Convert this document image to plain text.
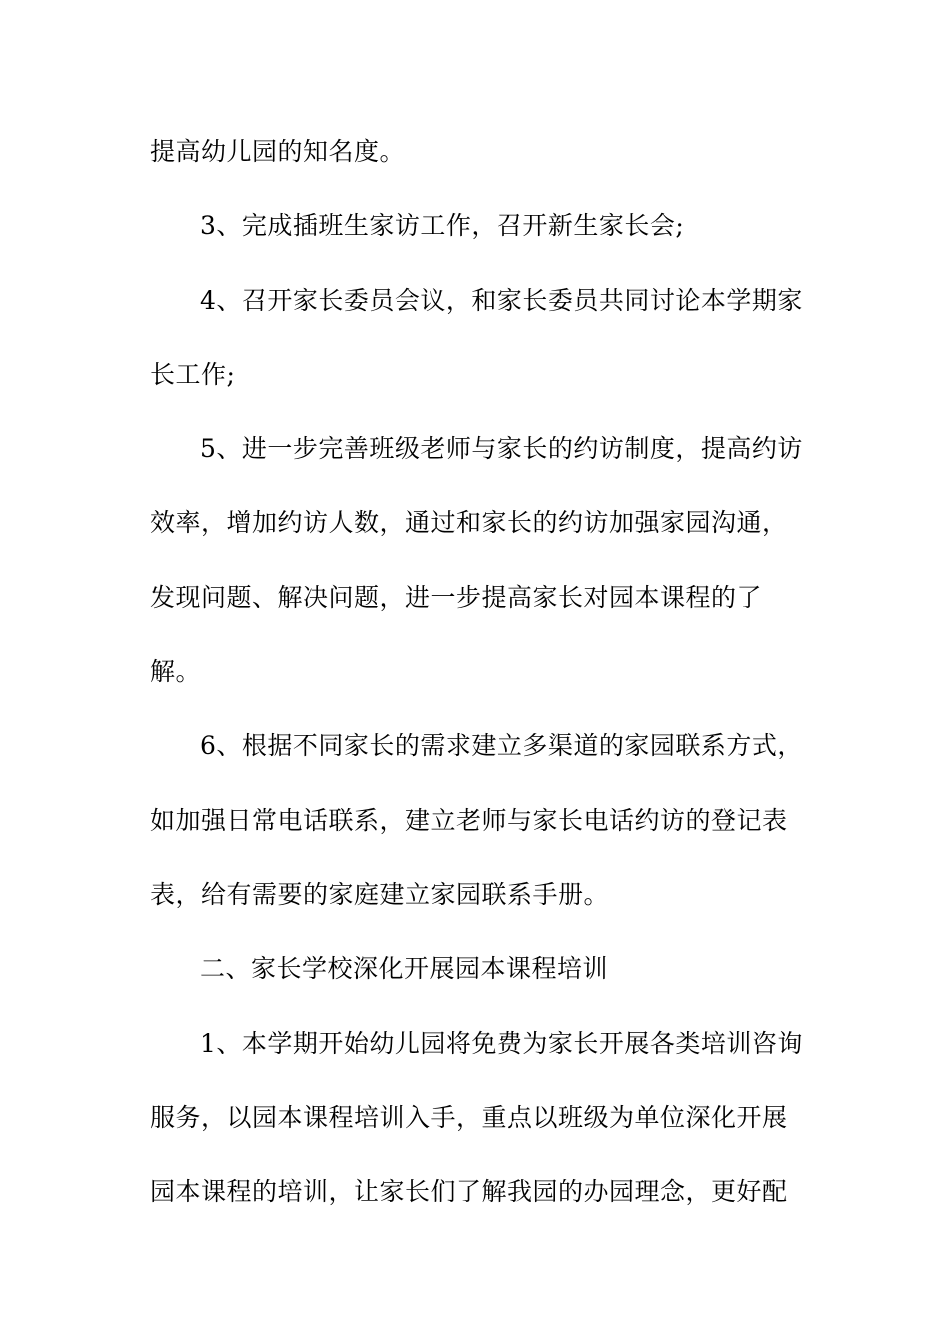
提高幼儿园的知名度。
3、完成插班生家访工作，召开新生家长会;
4、召开家长委员会议，和家长委员共同讨论本学期家
长工作;
5、进一步完善班级老师与家长的约访制度，提高约访
效率，增加约访人数，通过和家长的约访加强家园沟通，
发现问题、解决问题，进一步提高家长对园本课程的了
解。
6、根据不同家长的需求建立多渠道的家园联系方式，
如加强日常电话联系，建立老师与家长电话约访的登记表
表，给有需要的家庭建立家园联系手册。
二、家长学校深化开展园本课程培训
1、本学期开始幼儿园将免费为家长开展各类培训咨询
服务，以园本课程培训入手，重点以班级为单位深化开展
园本课程的培训，让家长们了解我园的办园理念，更好配
